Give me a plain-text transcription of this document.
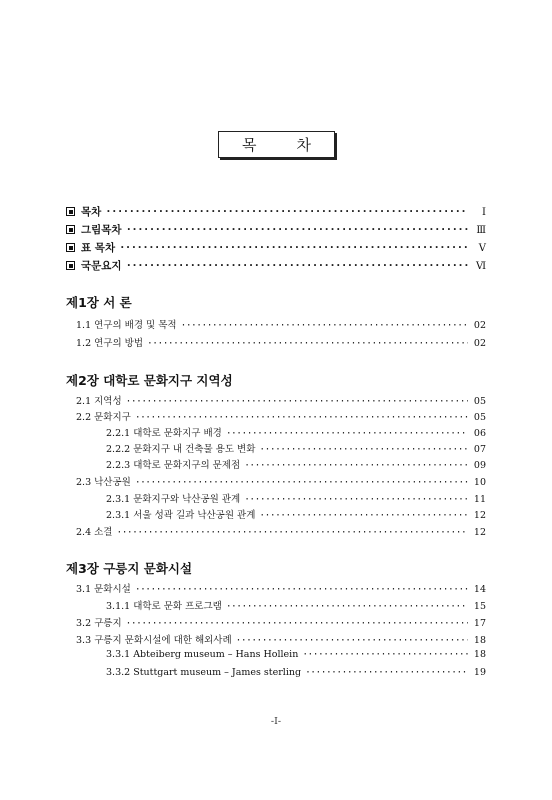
목	차
목차 ·····	Ⅰ
그림목차 ·····	Ⅲ
표 목차 ·····	Ⅴ
국문요지 ·····	Ⅵ
제1장 서 론
1.1 연구의 배경 및 목적 ·····	02
1.2 연구의 방법 ·····	02
제2장 대학로 문화지구 지역성
2.1 지역성 ·····	05
2.2 문화지구 ·····	05
2.2.1 대학로 문화지구 배경 ·····	06
2.2.2 문화지구 내 건축물 용도 변화 ·····	07
2.2.3 대학로 문화지구의 문제점 ·····	09
2.3 낙산공원 ·····	10
2.3.1 문화지구와 낙산공원 관계 ·····	11
2.3.1 서울 성곽 길과 낙산공원 관계 ·····	12
2.4 소결 ·····	12
제3장 구릉지 문화시설
3.1 문화시설 ·····	14
3.1.1 대학로 문화 프로그램 ·····	15
3.2 구릉지 ·····	17
3.3 구릉지 문화시설에 대한 해외사례 ·····	18
3.3.1 Abteiberg museum – Hans Hollein ·····	18
3.3.2 Stuttgart museum – James sterling ·····	19
-Ⅰ-
